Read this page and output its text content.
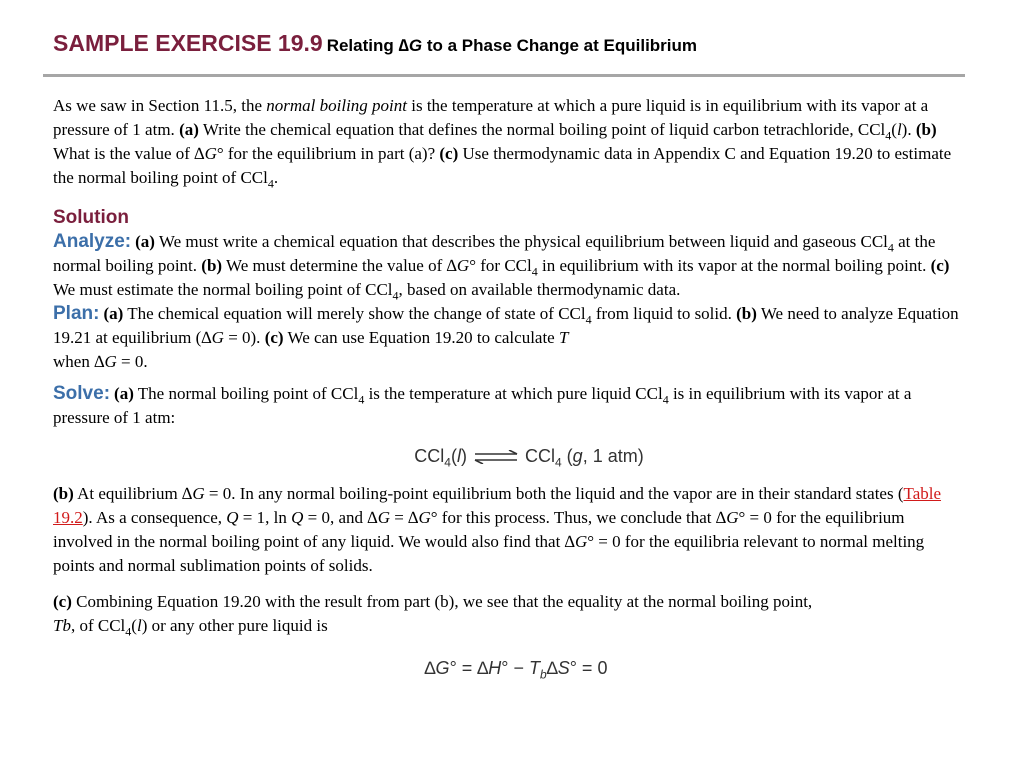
SAMPLE EXERCISE 19.9 Relating ∆G to a Phase Change at Equilibrium

As we saw in Section 11.5, the normal boiling point is the temperature at which a pure liquid is in equilibrium with its vapor at a pressure of 1 atm. (a) Write the chemical equation that defines the normal boiling point of liquid carbon tetrachloride, CCl$_4$(l). (b) What is the value of ∆G° for the equilibrium in part (a)? (c) Use thermodynamic data in Appendix C and Equation 19.20 to estimate the normal boiling point of CCl$_4$.

Solution

Analyze: (a) We must write a chemical equation that describes the physical equilibrium between liquid and gaseous CCl$_4$ at the normal boiling point. (b) We must determine the value of ∆G° for CCl$_4$ in equilibrium with its vapor at the normal boiling point. (c) We must estimate the normal boiling point of CCl$_4$, based on available thermodynamic data.

Plan: (a) The chemical equation will merely show the change of state of CCl$_4$ from liquid to solid. (b) We need to analyze Equation 19.21 at equilibrium (∆G = 0). (c) We can use Equation 19.20 to calculate T
when ∆G = 0.

Solve: (a) The normal boiling point of CCl$_4$ is the temperature at which pure liquid CCl$_4$ is in equilibrium with its vapor at a pressure of 1 atm:

CCl$_4$(l) ⇌ CCl$_4$ (g, 1 atm)

(b) At equilibrium ∆G = 0. In any normal boiling-point equilibrium both the liquid and the vapor are in their standard states (Table 19.2). As a consequence, Q = 1, ln Q = 0, and ∆G = ∆G° for this process. Thus, we conclude that ∆G° = 0 for the equilibrium involved in the normal boiling point of any liquid. We would also find that ∆G° = 0 for the equilibria relevant to normal melting points and normal sublimation points of solids.

(c) Combining Equation 19.20 with the result from part (b), we see that the equality at the normal boiling point,
Tb, of CCl$_4$(l) or any other pure liquid is

$\Delta G^\circ = \Delta H^\circ - T_b\Delta S^\circ = 0$
